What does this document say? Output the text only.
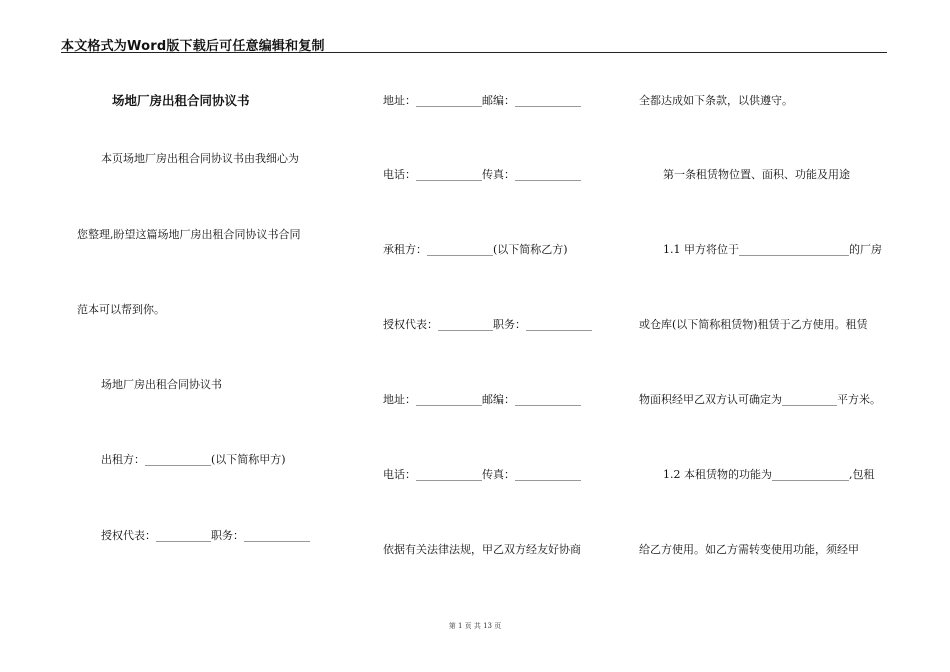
本文格式为Word版下载后可任意编辑和复制
场地厂房出租合同协议书
本页场地厂房出租合同协议书由我细心为
您整理,盼望这篇场地厂房出租合同协议书合同
范本可以帮到你。
场地厂房出租合同协议书
出租方：____________(以下简称甲方)
授权代表：__________职务：____________
地址：____________邮编：____________
电话：____________传真：____________
承租方：____________(以下简称乙方)
授权代表：__________职务：____________
地址：____________邮编：____________
电话：____________传真：____________
依据有关法律法规，甲乙双方经友好协商
全都达成如下条款，以供遵守。
第一条租赁物位置、面积、功能及用途
1.1 甲方将位于____________________的厂房
或仓库(以下简称租赁物)租赁于乙方使用。租赁
物面积经甲乙双方认可确定为__________平方米。
1.2 本租赁物的功能为______________,包租
给乙方使用。如乙方需转变使用功能，须经甲
第 1 页 共 13 页
